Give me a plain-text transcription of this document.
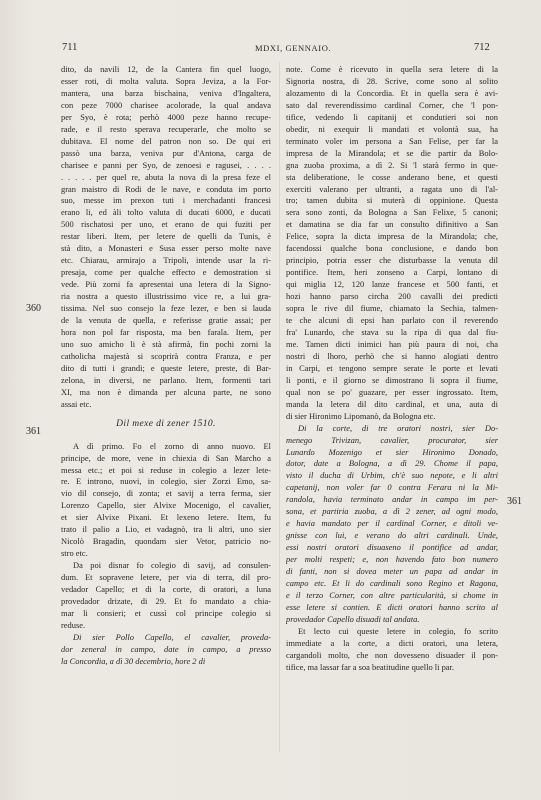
711	MDXI, GENNAIO.	712
360
361
361
dito, da navili 12, de la Cantera fin quel luogo,
esser roti, di molta valuta. Sopra Jeviza, a la For-
mantera, una barza bischaina, veniva d'Ingaltera,
con peze 7000 charisee acolorade, la qual andava
per Syo, è rota; perhò 4000 peze hanno recupe-
rade, e il resto sperava recuperarle, che molto se
dubitava. El nome del patron non so. De qui eri
passò una barza, veniva pur d'Antona, carga de
charisee e panni per Syo, de zenoesi e ragusei, . . . .
. . . . . per quel re, abuta la nova di la presa feze el
gran maistro di Rodi de le nave, e conduta im porto
suo, messe im prexon tuti i merchadanti francesi
erano li, ed àli tolto valuta di ducati 6000, e ducati
500 rischatosi per uno, et erano de qui fuziti per
restar liberi. Item, per letere de quelli da Tunis, è
stà dito, a Monasteri e Susa esser perso molte nave
etc. Chiarau, armirajo a Tripoli, intende usar la ri-
presaja, come per qualche effecto e demostration si
vede. Più zorni fa apresentai una letera di la Signo-
ria nostra a questo illustrissimo vice re, a lui gra-
tissima. Nel suo consejo la feze lezer, e ben si lauda
de la venuta de quella, e referisse gratie assai; per
hora non pol far risposta, ma ben farala. Item, per
uno suo amicho li è stà afirmà, fin pochi zorni la
catholicha majestà si scoprirà contra Franza, e per
dito di tutti i grandi; e queste letere, preste, di Bar-
zelona, in diversi, ne parlano. Item, formenti tari
XI, ma non è dimanda per alcuna parte, ne sono
assai etc.
Dil mexe di zener 1510.
A dì primo. Fo el zorno di anno nuovo. El
principe, de more, vene in chiexia di San Marcho a
messa etc.; et poi si reduse in colegio a lezer lete-
re. E introno, nuovi, in colegio, sier Zorzi Emo, sa-
vio dil consejo, di zonta; et savij a terra ferma, sier
Lorenzo Capello, sier Alvixe Mocenigo, el cavalier,
et sier Alvixe Pixani. Et lexeno letere. Item, fu
trato il palio a Lio, et vadagnò, tra li altri, uno sier
Nicolò Bragadin, quondam sier Vetor, patricio no-
stro etc.
Da poi disnar fo colegio di savij, ad consulen-
dum. Et sopravene letere, per via di terra, dil pro-
vedador Capello; et di la corte, di oratori, a luna
provedador drizate, di 29. Et fo mandato a chia-
mar li consieri; et cussì col principe colegio si
reduse.
Di sier Pollo Capello, el cavalier, proveda-
dor zeneral in campo, date in campo, a presso
la Concordia, a dì 30 decembrio, hore 2 di
note. Come è ricevuto in quella sera letere di la
Signoria nostra, di 28. Scrive, come sono al solito
alozamento di la Concordia. Et in quella sera è avi-
sato dal reverendissimo cardinal Corner, che 'l pon-
tifice, vedendo li capitanij et condutieri soi non
obedir, ni exequir li mandati et volontà sua, ha
terminato voler im persona a San Felise, per far la
impresa de la Mirandola; et se die partir da Bolo-
gna zuoba proxima, a dì 2. Si 'l starà fermo in que-
sta deliberatione, le cosse anderano bene, et questi
exerciti valerano per ultranti, a ragata uno di l'al-
tro; tamen dubita si muterà di oppinione. Questa
sera sono zonti, da Bologna a San Felixe, 5 canoni;
et damatina se dia far un consulto difinitivo a San
Felice, sopra la dicta impresa de la Mirandola; che,
facendossi qualche bona conclusione, e dando bon
principio, potria esser che disturbasse la venuta dil
pontifice. Item, heri zonseno a Carpi, lontano di
qui miglia 12, 120 lanze francese et 500 fanti, et
hozi hanno parso circha 200 cavalli dei predicti
sopra le rive dil fiume, chiamato la Sechia, talmen-
te che alcuni di epsi han parlato con il reverendo
fra' Lunardo, che stava su la ripa di qua dal fiu-
me. Tamen dicti inimici han più paura di noi, cha
nostri di lhoro, perhò che si hanno alogiati dentro
in Carpi, et tengono sempre serate le porte et levati
li ponti, e il giorno se dimostrano li sopra il fiume,
qual non se po' guazare, per esser ingrossato. Item,
manda la letera dil dito cardinal, et una, auta di
di sier Hironimo Lipomanò, da Bologna etc.
Di la corte, di tre oratori nostri, sier Do-
menego Trivizan, cavalier, procurator, sier
Lunardo Mozenigo et sier Hironimo Donado,
dotor, date a Bologna, a dì 29. Chome il papa,
visto il ducha di Urbim, ch'è suo nepote, e li altri
capetanij, non voler far 0 contra Ferara ni la Mi-
randola, havia terminato andar in campo im per-
sona, et partiria zuoba, a dì 2 zener, ad ogni modo,
e havia mandato per il cardinal Corner, e ditoli ve-
gnisse con lui, e verano do altri cardinali. Unde,
essi nostri oratori disuaseno il pontifice ad andar,
per molti respeti; e, non havendo fato bon numero
di fanti, non si dovea meter un papa ad andar in
campo etc. Et li do cardinali sono Regino et Ragona,
e il terzo Corner, con altre particularità, si chome in
esse letere si contien. E dicti oratori hanno scrito al
provedador Capello disuadi tal andata.
Et lecto cui queste letere in colegio, fo scrito
immediate a la corte, a dicti oratori, una letera,
cargandoli molto, che non dovesseno disuader il pon-
tifice, ma lassar far a soa beatitudine quello li par.
